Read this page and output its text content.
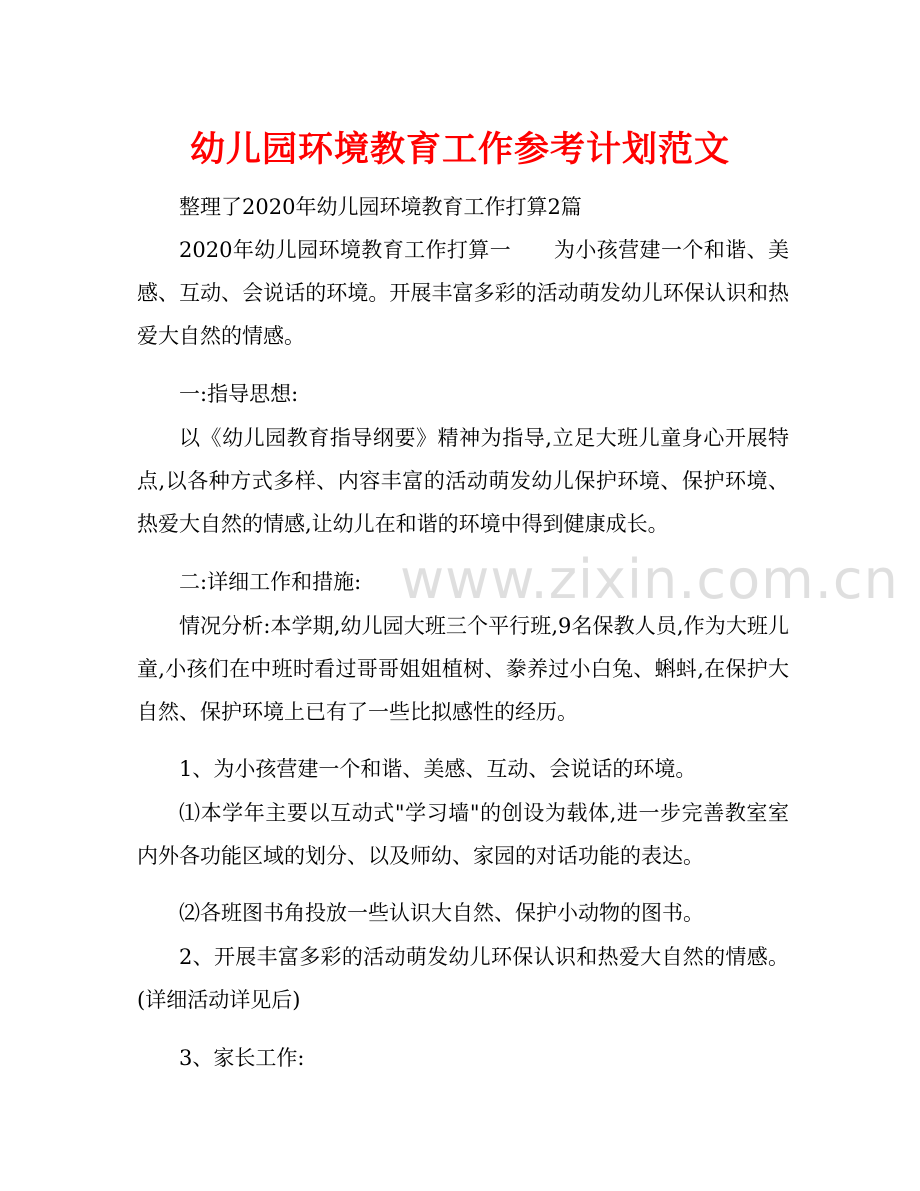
幼儿园环境教育工作参考计划范文

整理了2020年幼儿园环境教育工作打算2篇

2020年幼儿园环境教育工作打算一　　为小孩营建一个和谐、美感、互动、会说话的环境。开展丰富多彩的活动萌发幼儿环保认识和热爱大自然的情感。

一:指导思想:

以《幼儿园教育指导纲要》精神为指导,立足大班儿童身心开展特点,以各种方式多样、内容丰富的活动萌发幼儿保护环境、保护环境、热爱大自然的情感,让幼儿在和谐的环境中得到健康成长。

二:详细工作和措施:

情况分析:本学期,幼儿园大班三个平行班,9名保教人员,作为大班儿童,小孩们在中班时看过哥哥姐姐植树、豢养过小白兔、蝌蚪,在保护大自然、保护环境上已有了一些比拟感性的经历。

1、为小孩营建一个和谐、美感、互动、会说话的环境。

⑴本学年主要以互动式"学习墙"的创设为载体,进一步完善教室室内外各功能区域的划分、以及师幼、家园的对话功能的表达。

⑵各班图书角投放一些认识大自然、保护小动物的图书。

2、开展丰富多彩的活动萌发幼儿环保认识和热爱大自然的情感。(详细活动详见后)

3、家长工作:

www.zixin.com.cn
